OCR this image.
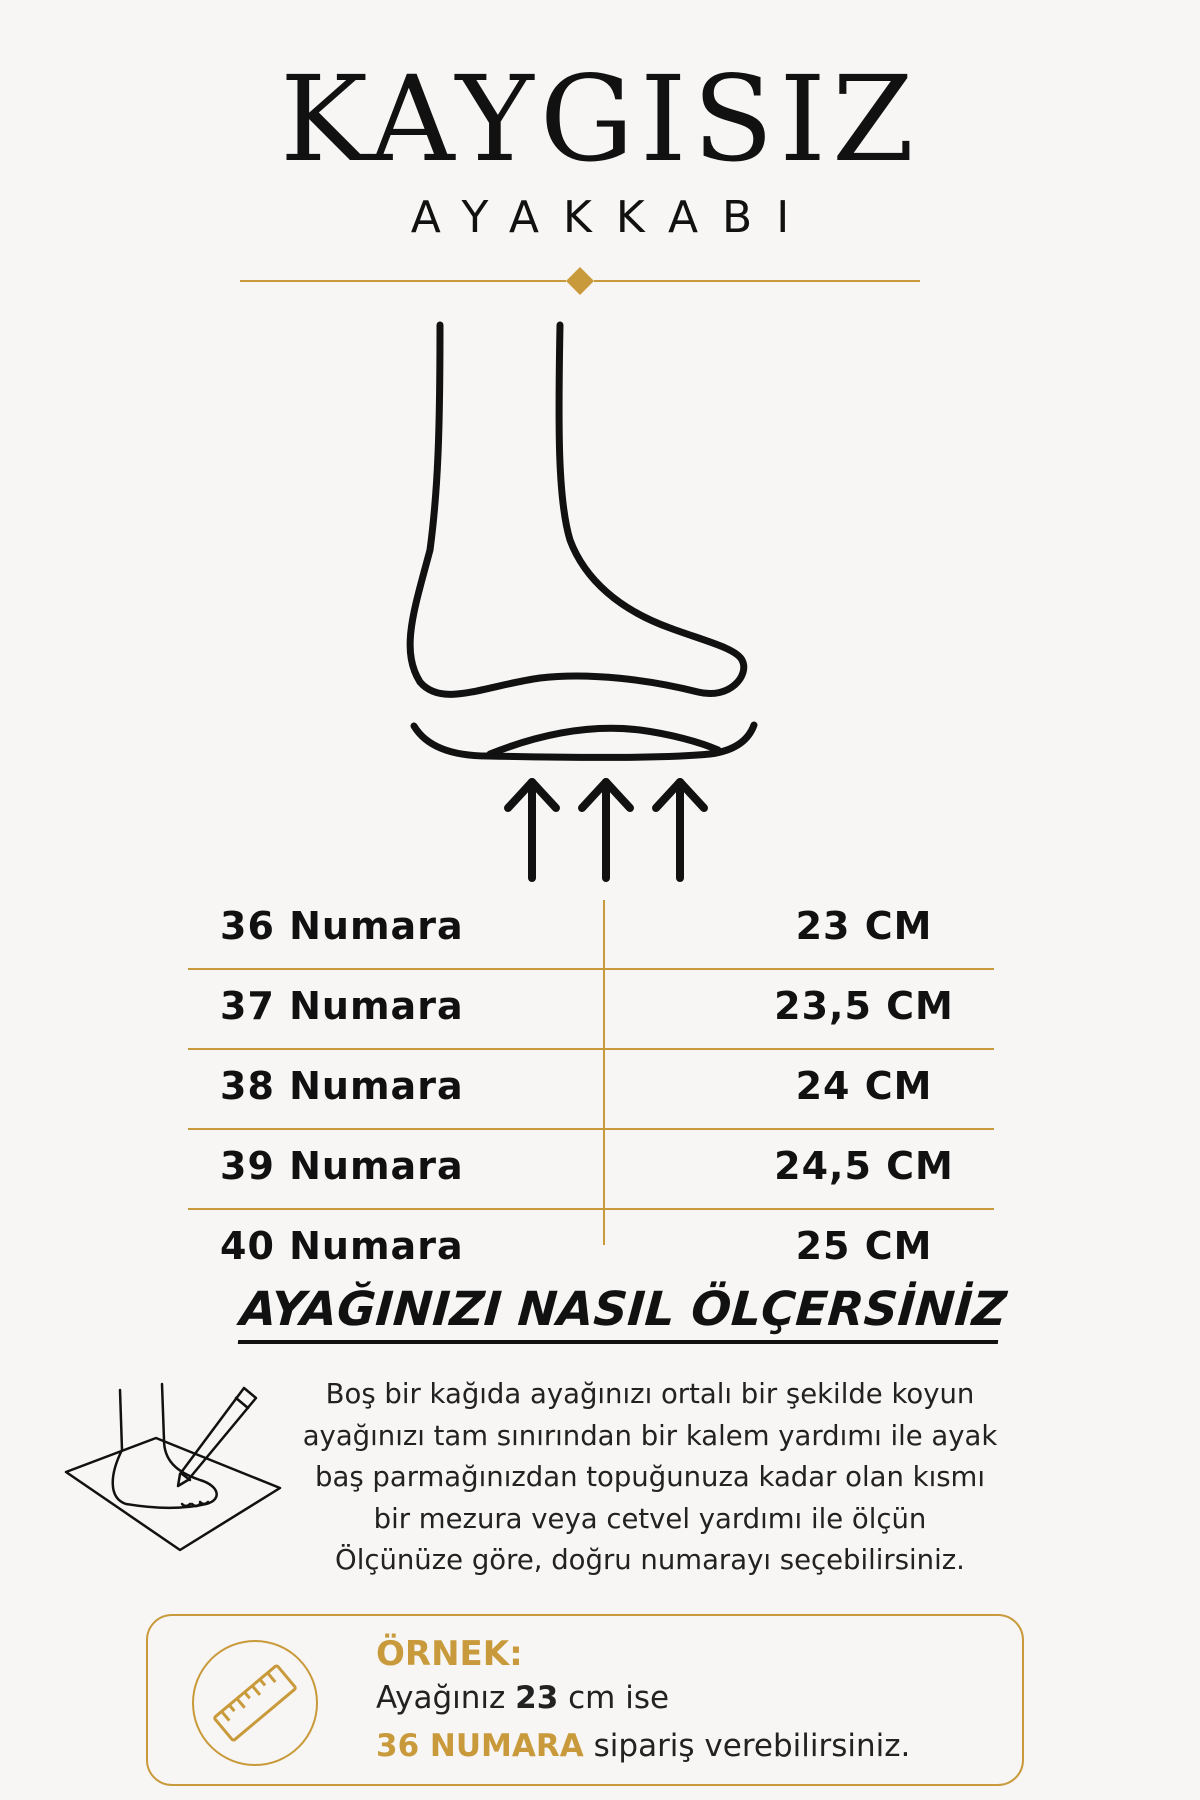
KAYGISIZ
AYAKKABI
36 Numara	23 CM
37 Numara	23,5 CM
38 Numara	24 CM
39 Numara	24,5 CM
40 Numara	25 CM
AYAĞINIZI NASIL ÖLÇERSİNİZ
Boş bir kağıda ayağınızı ortalı bir şekilde koyun
ayağınızı tam sınırından bir kalem yardımı ile ayak
baş parmağınızdan topuğunuza kadar olan kısmı
bir mezura veya cetvel yardımı ile ölçün
Ölçünüze göre, doğru numarayı seçebilirsiniz.
ÖRNEK:
Ayağınız 23 cm ise
36 NUMARA sipariş verebilirsiniz.
